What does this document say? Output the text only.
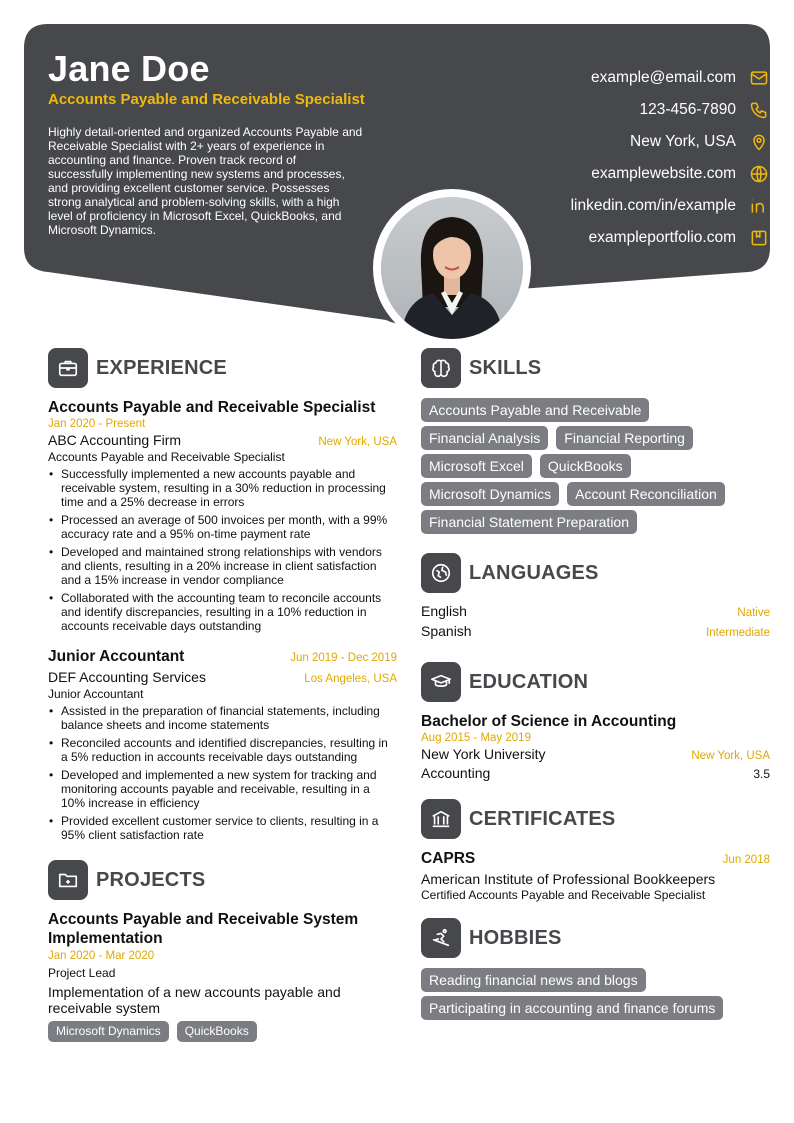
Jane Doe
Accounts Payable and Receivable Specialist
Highly detail-oriented and organized Accounts Payable and Receivable Specialist with 2+ years of experience in accounting and finance. Proven track record of successfully implementing new systems and processes, and providing excellent customer service. Possesses strong analytical and problem-solving skills, with a high level of proficiency in Microsoft Excel, QuickBooks, and Microsoft Dynamics.
example@email.com
123-456-7890
New York, USA
examplewebsite.com
linkedin.com/in/example
exampleportfolio.com
EXPERIENCE
Accounts Payable and Receivable Specialist
Jan 2020 - Present
ABC Accounting Firm	New York, USA
Accounts Payable and Receivable Specialist
• Successfully implemented a new accounts payable and receivable system, resulting in a 30% reduction in processing time and a 25% decrease in errors
• Processed an average of 500 invoices per month, with a 99% accuracy rate and a 95% on-time payment rate
• Developed and maintained strong relationships with vendors and clients, resulting in a 20% increase in client satisfaction and a 15% increase in vendor compliance
• Collaborated with the accounting team to reconcile accounts and identify discrepancies, resulting in a 10% reduction in accounts receivable days outstanding
Junior Accountant	Jun 2019 - Dec 2019
DEF Accounting Services	Los Angeles, USA
Junior Accountant
• Assisted in the preparation of financial statements, including balance sheets and income statements
• Reconciled accounts and identified discrepancies, resulting in a 5% reduction in accounts receivable days outstanding
• Developed and implemented a new system for tracking and monitoring accounts payable and receivable, resulting in a 10% increase in efficiency
• Provided excellent customer service to clients, resulting in a 95% client satisfaction rate
PROJECTS
Accounts Payable and Receivable System Implementation
Jan 2020 - Mar 2020
Project Lead
Implementation of a new accounts payable and receivable system
Microsoft Dynamics	QuickBooks
SKILLS
Accounts Payable and Receivable
Financial Analysis	Financial Reporting
Microsoft Excel	QuickBooks
Microsoft Dynamics	Account Reconciliation
Financial Statement Preparation
LANGUAGES
English	Native
Spanish	Intermediate
EDUCATION
Bachelor of Science in Accounting
Aug 2015 - May 2019
New York University	New York, USA
Accounting	3.5
CERTIFICATES
CAPRS	Jun 2018
American Institute of Professional Bookkeepers
Certified Accounts Payable and Receivable Specialist
HOBBIES
Reading financial news and blogs
Participating in accounting and finance forums
